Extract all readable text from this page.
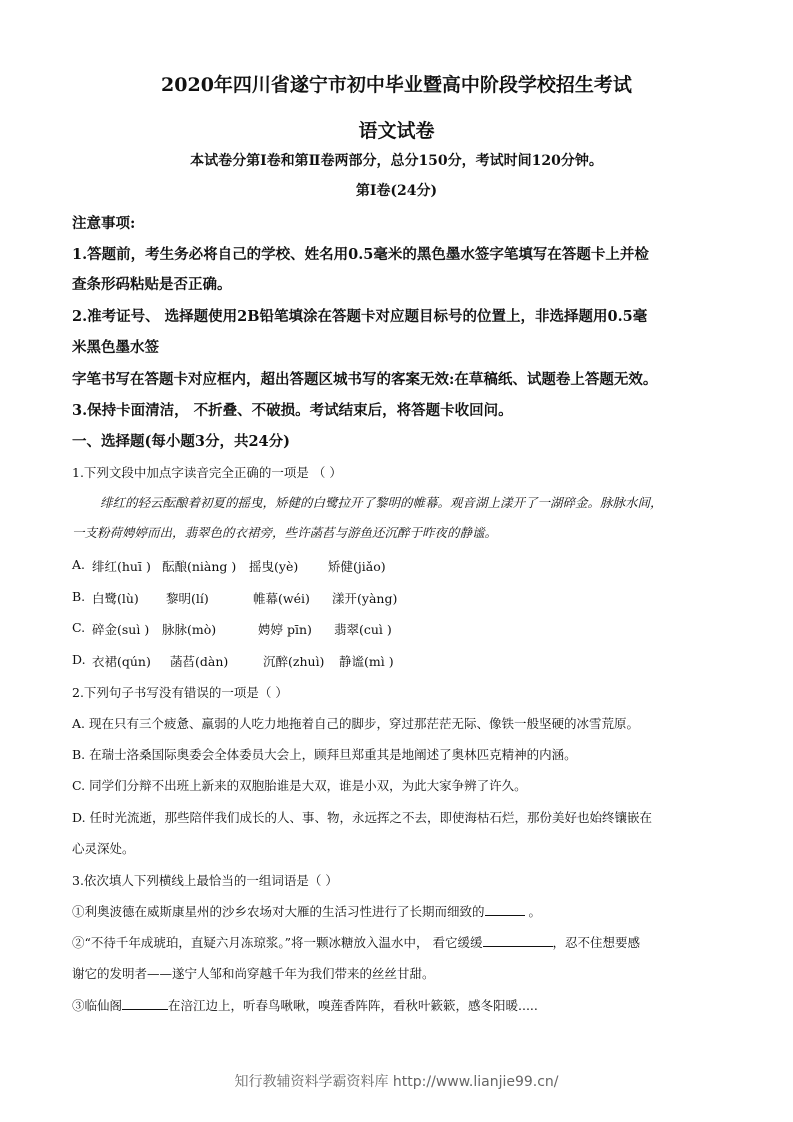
2020年四川省遂宁市初中毕业暨高中阶段学校招生考试
语文试卷
本试卷分第Ⅰ卷和第Ⅱ卷两部分，总分150分，考试时间120分钟。
第Ⅰ卷(24分)
注意事项:
1.答题前，考生务必将自己的学校、姓名用0.5毫米的黑色墨水签字笔填写在答题卡上并检
查条形码粘贴是否正确。
2.准考证号、 选择题使用2B铅笔填涂在答题卡对应题目标号的位置上，非选择题用0.5毫
米黑色墨水签
字笔书写在答题卡对应框内，超出答题区城书写的客案无效:在草稿纸、试题卷上答题无效。
3.保持卡面清洁， 不折叠、不破损。考试结束后，将答题卡收回问。
一、选择题(每小题3分，共24分)
1.下列文段中加点字读音完全正确的一项是 （ ）
绯红的轻云酝酿着初夏的摇曳，矫健的白鹭拉开了黎明的帷幕。观音湖上漾开了一湖碎金。脉脉水间，
一支粉荷娉婷而出，翡翠色的衣裙旁，些许菡萏与游鱼还沉醉于昨夜的静谧。
A. 绯红(huī ) 酝酿(niàng ) 摇曳(yè) 矫健(jiǎo)
B. 白鹭(lù) 黎明(lí)	帷幕(wéi) 漾开(yàng)
C. 碎金(suì ) 脉脉(mò)	娉婷 pīn) 翡翠(cuì )
D. 衣裙(qún) 菡萏(dàn)	沉醉(zhuì) 静谧(mì )
2.下列句子书写没有错误的一项是（ ）
A. 现在只有三个疲惫、羸弱的人吃力地拖着自己的脚步，穿过那茫茫无际、像铁一般坚硬的冰雪荒原。
B. 在瑞士洛桑国际奥委会全体委员大会上，顾拜旦郑重其是地阐述了奥林匹克精神的内涵。
C. 同学们分辩不出班上新来的双胞胎谁是大双，谁是小双，为此大家争辨了许久。
D. 任时光流逝，那些陪伴我们成长的人、事、物，永远挥之不去，即使海枯石烂，那份美好也始终镶嵌在
心灵深处。
3.依次填人下列横线上最恰当的一组词语是（ ）
①利奥波德在威斯康星州的沙乡农场对大雁的生活习性进行了长期而细致的	。
②“不待千年成琥珀，直疑六月冻琼浆。”将一颗冰糖放入温水中， 看它缓缓	，忍不住想要感
谢它的发明者——遂宁人邹和尚穿越千年为我们带来的丝丝甘甜。
③临仙阁	在涪江边上，听春鸟啾啾，嗅莲香阵阵，看秋叶簌簌，感冬阳暖.....
知行教辅资料学霸资料库 http://www.lianjie99.cn/
